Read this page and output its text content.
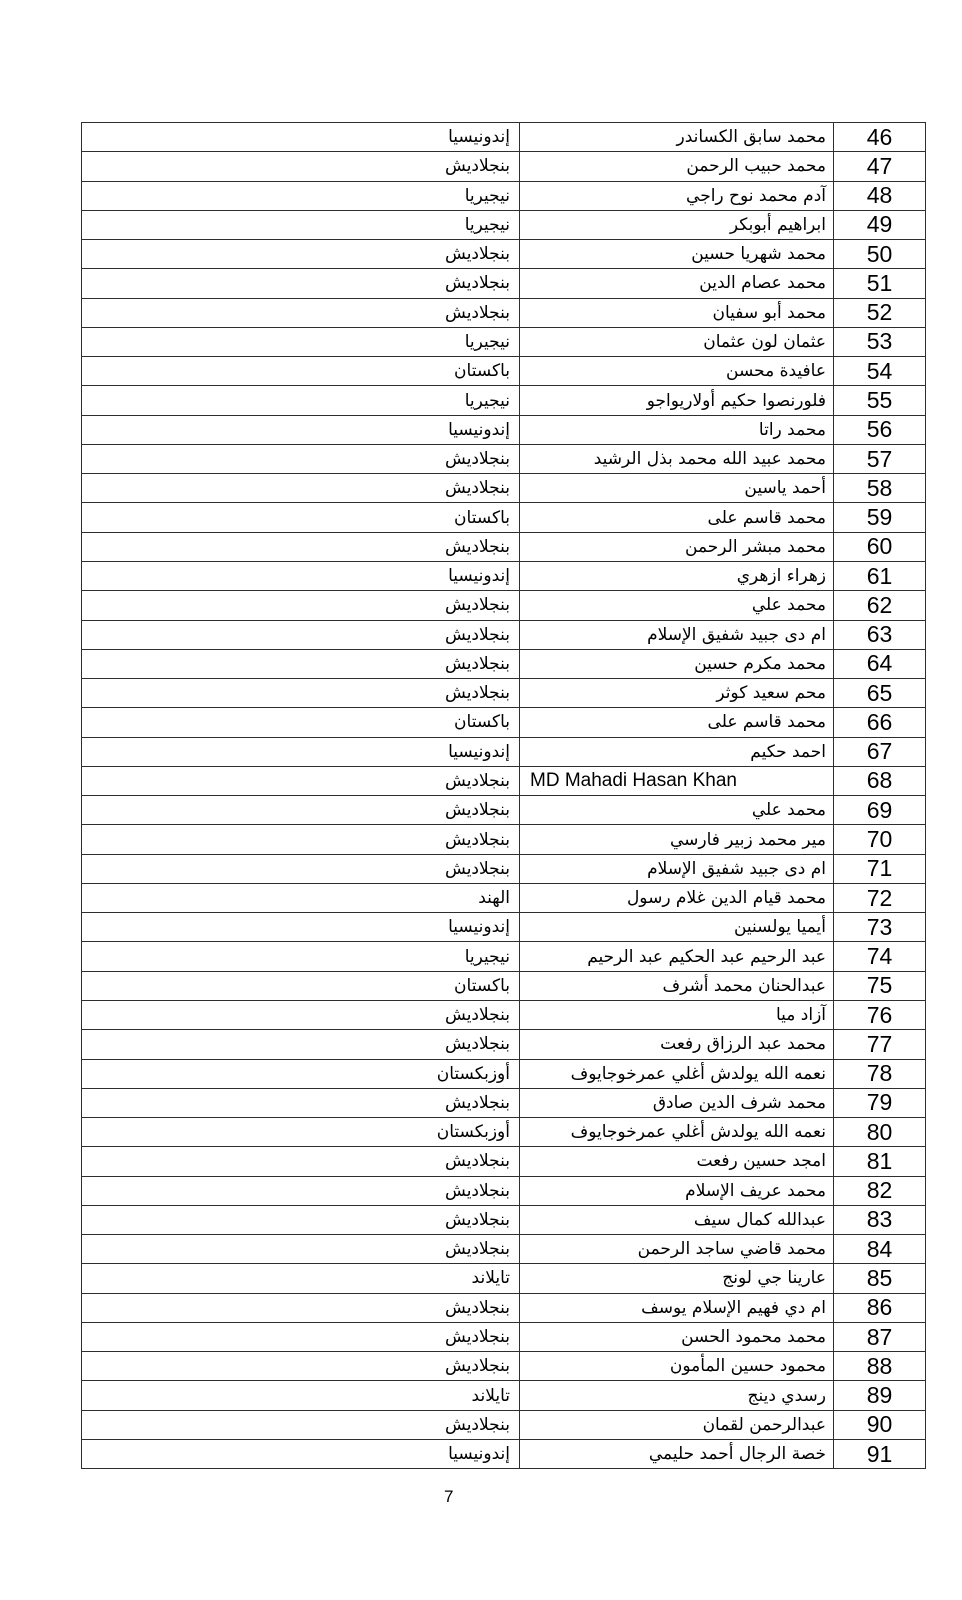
إندونيسيا	محمد سابق الكساندر 46
بنجلاديش	محمد حبيب الرحمن 47
نيجيريا	آدم محمد نوح راجي 48
نيجيريا	ابراهيم أبوبكر 49
بنجلاديش	محمد شهريا حسين 50
بنجلاديش	محمد عصام الدين 51
بنجلاديش	محمد أبو سفيان 52
نيجيريا	عثمان لون عثمان 53
باكستان	عافيدة محسن 54
نيجيريا	فلورنصوا حكيم أولاريواجو 55
إندونيسيا	محمد راتا 56
بنجلاديش	محمد عبيد الله محمد بذل الرشيد 57
بنجلاديش	أحمد ياسين 58
باكستان	محمد قاسم على 59
بنجلاديش	محمد مبشر الرحمن 60
إندونيسيا	زهراء ازهري 61
بنجلاديش	محمد علي 62
بنجلاديش	ام دى جبيد شفيق الإسلام 63
بنجلاديش	محمد مكرم حسين 64
بنجلاديش	محم سعيد كوثر 65
باكستان	محمد قاسم على 66
إندونيسيا	احمد حكيم 67
بنجلاديش MD Mahadi Hasan Khan	68
بنجلاديش	محمد علي 69
بنجلاديش	مير محمد زبير فارسي 70
بنجلاديش	ام دى جبيد شفيق الإسلام 71
الهند	محمد قيام الدين غلام رسول 72
إندونيسيا	أيميا يولسنين 73
نيجيريا	عبد الرحيم عبد الحكيم عبد الرحيم 74
باكستان	عبدالحنان محمد أشرف 75
بنجلاديش	آزاد ميا 76
بنجلاديش	محمد عبد الرزاق رفعت 77
أوزبكستان	نعمه الله يولدش أغلي عمرخوجايوف 78
بنجلاديش	محمد شرف الدين صادق 79
أوزبكستان	نعمه الله يولدش أغلي عمرخوجايوف 80
بنجلاديش	امجد حسين رفعت 81
بنجلاديش	محمد عريف الإسلام 82
بنجلاديش	عبدالله كمال سيف 83
بنجلاديش	محمد قاضي ساجد الرحمن 84
تايلاند	عارينا جي لونج 85
بنجلاديش	ام دي فهيم الإسلام يوسف 86
بنجلاديش	محمد محمود الحسن 87
بنجلاديش	محمود حسين المأمون 88
تايلاند	رسدي دينج 89
بنجلاديش	عبدالرحمن لقمان 90
إندونيسيا	خصة الرجال أحمد حليمي 91
7
